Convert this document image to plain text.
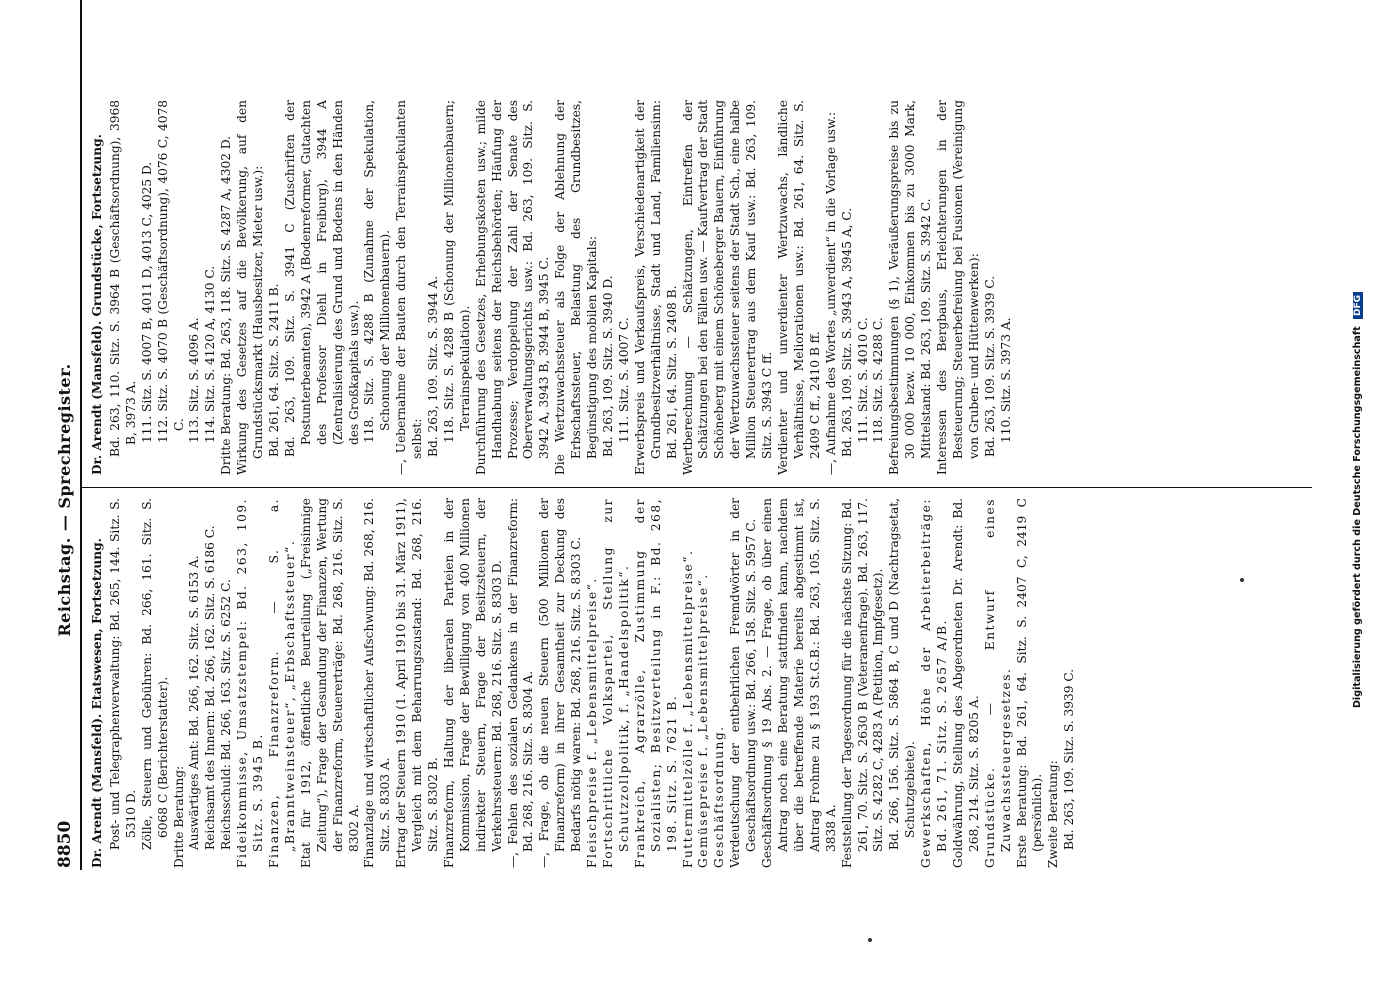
8850
Reichstag. — Sprechregister.

Dr. Arendt (Mansfeld). Etatswesen, Fortsetzung. Post- und Telegraphenverwaltung: Bd. 265, 144. Sitz. S. 5310 D. Zölle, Steuern und Gebühren: Bd. 266, 161. Sitz. S. 6068 C (Berichterstatter). Dritte Beratung: Auswärtiges Amt: Bd. 266, 162. Sitz. S. 6153 A. Reichsamt des Innern: Bd. 266, 162. Sitz. S. 6186 C. Reichsschuld: Bd. 266, 163. Sitz. S. 6252 C. Fideikommisse, Umsatzstempel: Bd. 263, 109. Sitz. S. 3945 B. Finanzen, Finanzreform. — S. a. „Branntweinsteuer“, „Erbschaftssteuer“. Etat für 1912, öffentliche Beurteilung („Freisinnige Zeitung“), Frage der Gesundung der Finanzen, Wertung der Finanzreform, Steuererträge: Bd. 268, 216. Sitz. S. 8302 A. Finanzlage und wirtschaftlicher Aufschwung: Bd. 268, 216. Sitz. S. 8303 A. Ertrag der Steuern 1910 (1. April 1910 bis 31. März 1911), Vergleich mit dem Beharrungszustand: Bd. 268, 216. Sitz. S. 8302 B. Finanzreform, Haltung der liberalen Parteien in der Kommission, Frage der Bewilligung von 400 Millionen indirekter Steuern, Frage der Besitzsteuern, der Verkehrssteuern: Bd. 268, 216. Sitz. S. 8303 D. —, Fehlen des sozialen Gedankens in der Finanzreform: Bd. 268, 216. Sitz. S. 8304 A. —, Frage, ob die neuen Steuern (500 Millionen der Finanzreform) in ihrer Gesamtheit zur Deckung des Bedarfs nötig waren: Bd. 268, 216. Sitz. S. 8303 C. Fleischpreise f. „Lebensmittelpreise“. Fortschrittliche Volkspartei, Stellung zur Schutzzollpolitik, f. „Handelspolitik“. Frankreich, Agrarzölle, Zustimmung der Sozialisten; Besitzverteilung in F.: Bd. 268, 198. Sitz. S. 7621 B. Futtermittelzölle f. „Lebensmittelpreise“. Gemüsepreise f. „Lebensmittelpreise“. Geschäftsordnung. Verdeutschung der entbehrlichen Fremdwörter in der Geschäftsordnung usw.: Bd. 266, 158. Sitz. S. 5957 C. Geschäftsordnung § 19 Abs. 2. — Frage, ob über einen Antrag noch eine Beratung stattfinden kann, nachdem über die betreffende Materie bereits abgestimmt ist, Antrag Frohme zu § 193 St.G.B.: Bd. 263, 105. Sitz. S. 3838 A. Feststellung der Tagesordnung für die nächste Sitzung: Bd. 261, 70. Sitz. S. 2630 B (Veteranenfrage). Bd. 263, 117. Sitz. S. 4282 C, 4283 A (Petition, Impfgesetz). Bd. 266, 156. Sitz. S. 5864 B, C und D (Nachtragsetat, Schutzgebiete). Gewerkschaften, Höhe der Arbeiterbeiträge: Bd. 261, 71. Sitz. S. 2657 A/B. Goldwährung, Stellung des Abgeordneten Dr. Arendt: Bd. 268, 214. Sitz. S. 8205 A. Grundstücke. — Entwurf eines Zuwachssteuergesetzes. Erste Beratung: Bd. 261, 64. Sitz. S. 2407 C, 2419 C (persönlich). Zweite Beratung: Bd. 263, 109. Sitz. S. 3939 C.

Dr. Arendt (Mansfeld). Grundstücke, Fortsetzung. Bd. 263, 110. Sitz. S. 3964 B (Geschäftsordnung), 3968 B, 3973 A. 111. Sitz. S. 4007 B, 4011 D, 4013 C, 4025 D. 112. Sitz. S. 4070 B (Geschäftsordnung), 4076 C, 4078 C. 113. Sitz. S. 4096 A. 114. Sitz. S. 4120 A, 4130 C. Dritte Beratung: Bd. 263, 118. Sitz. S. 4287 A, 4302 D. Wirkung des Gesetzes auf die Bevölkerung, auf den Grundstücksmarkt (Hausbesitzer, Mieter usw.): Bd. 261, 64. Sitz. S. 2411 B. Bd. 263, 109. Sitz. S. 3941 C (Zuschriften der Postunterbeamten), 3942 A (Bodenreformer, Gutachten des Professor Diehl in Freiburg), 3944 A (Zentralisierung des Grund und Bodens in den Händen des Großkapitals usw.). 118. Sitz. S. 4288 B (Zunahme der Spekulation, Schonung der Millionenbauern). —, Uebernahme der Bauten durch den Terrainspekulanten selbst: Bd. 263, 109. Sitz. S. 3944 A. 118. Sitz. S. 4288 B (Schonung der Millionenbauern; Terrainspekulation). Durchführung des Gesetzes, Erhebungskosten usw.; milde Handhabung seitens der Reichsbehörden; Häufung der Prozesse; Verdoppelung der Zahl der Senate des Oberverwaltungsgerichts usw.: Bd. 263, 109. Sitz. S. 3942 A, 3943 B, 3944 B, 3945 C. Die Wertzuwachssteuer als Folge der Ablehnung der Erbschaftssteuer, Belastung des Grundbesitzes, Begünstigung des mobilen Kapitals: Bd. 263, 109. Sitz. S. 3940 D. 111. Sitz. S. 4007 C. Erwerbspreis und Verkaufspreis, Verschiedenartigkeit der Grundbesitzverhältnisse, Stadt und Land, Familiensinn: Bd. 261, 64. Sitz. S. 2408 B. Wertberechnung — Schätzungen, Eintreffen der Schätzungen bei den Fällen usw. — Kaufvertrag der Stadt Schöneberg mit einem Schöneberger Bauern, Einführung der Wertzuwachssteuer seitens der Stadt Sch., eine halbe Million Steuerertrag aus dem Kauf usw.: Bd. 263, 109. Sitz. S. 3943 C ff. Verdienter und unverdienter Wertzuwachs, ländliche Verhältnisse, Meliorationen usw.: Bd. 261, 64. Sitz. S. 2409 C ff., 2410 B ff. —, Aufnahme des Wortes „unverdient“ in die Vorlage usw.: Bd. 263, 109. Sitz. S. 3943 A, 3945 A, C. 111. Sitz. S. 4010 C. 118. Sitz. S. 4288 C. Befreiungsbestimmungen (§ 1), Veräußerungspreise bis zu 30 000 bezw. 10 000, Einkommen bis zu 3000 Mark, Mittelstand: Bd. 263, 109. Sitz. S. 3942 C. Interessen des Bergbaus, Erleichterungen in der Besteuerung; Steuerbefreiung bei Fusionen (Vereinigung von Gruben- und Hüttenwerken): Bd. 263, 109. Sitz. S. 3939 C. 110. Sitz. S. 3973 A.	Digitalisierung gefördert durch die Deutsche Forschungsgemeinschaft DFG
